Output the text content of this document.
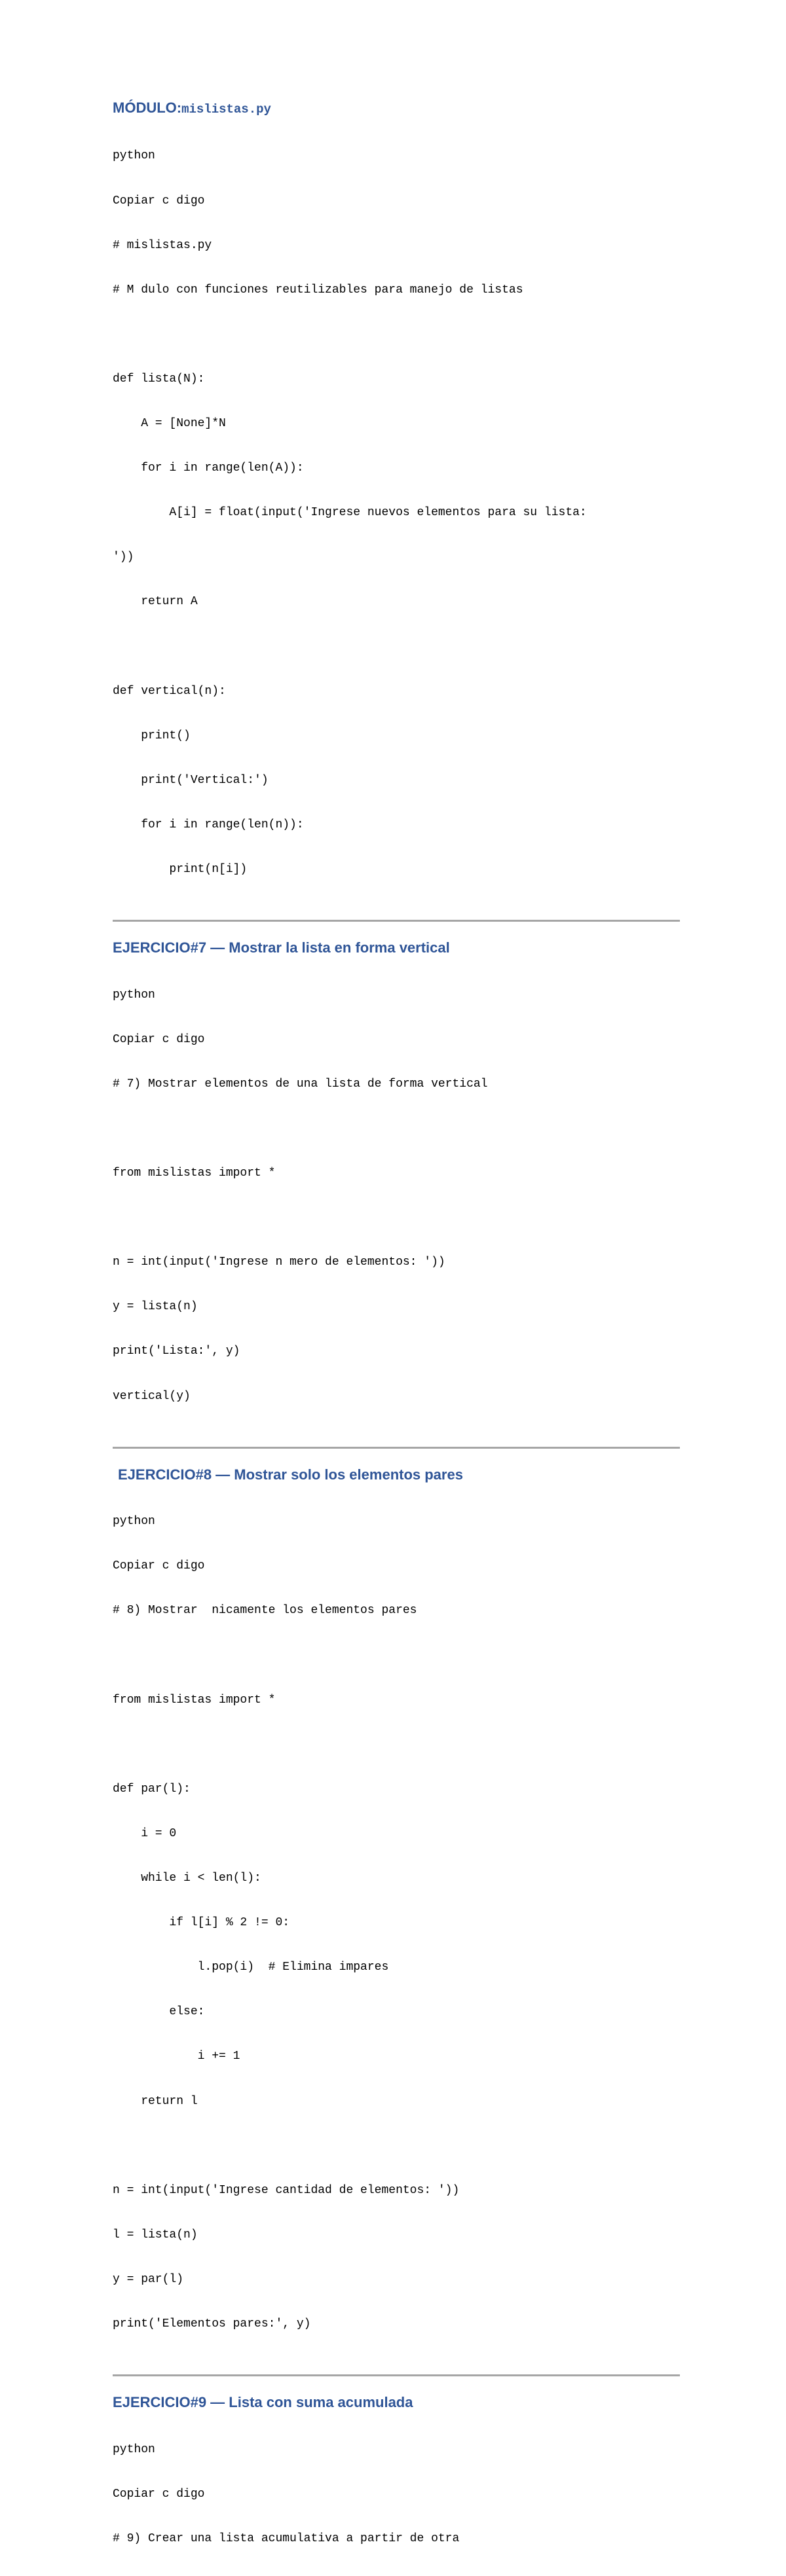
MÓDULO:mislistas.py

python

Copiar c digo

# mislistas.py

# M dulo con funciones reutilizables para manejo de listas

def lista(N):

A = [None]*N

for i in range(len(A)):

A[i] = float(input('Ingrese nuevos elementos para su lista:

'))

return A

def vertical(n):

print()

print('Vertical:')

for i in range(len(n)):

print(n[i])

EJERCICIO#7 — Mostrar la lista en forma vertical

python

Copiar c digo

# 7) Mostrar elementos de una lista de forma vertical

from mislistas import *

n = int(input('Ingrese n mero de elementos: '))

y = lista(n)

print('Lista:', y)

vertical(y)

EJERCICIO#8 — Mostrar solo los elementos pares

python

Copiar c digo

# 8) Mostrar  nicamente los elementos pares

from mislistas import *

def par(l):

i = 0

while i < len(l):

if l[i] % 2 != 0:

l.pop(i)  # Elimina impares

else:

i += 1

return l

n = int(input('Ingrese cantidad de elementos: '))

l = lista(n)

y = par(l)

print('Elementos pares:', y)

EJERCICIO#9 — Lista con suma acumulada

python

Copiar c digo

# 9) Crear una lista acumulativa a partir de otra
